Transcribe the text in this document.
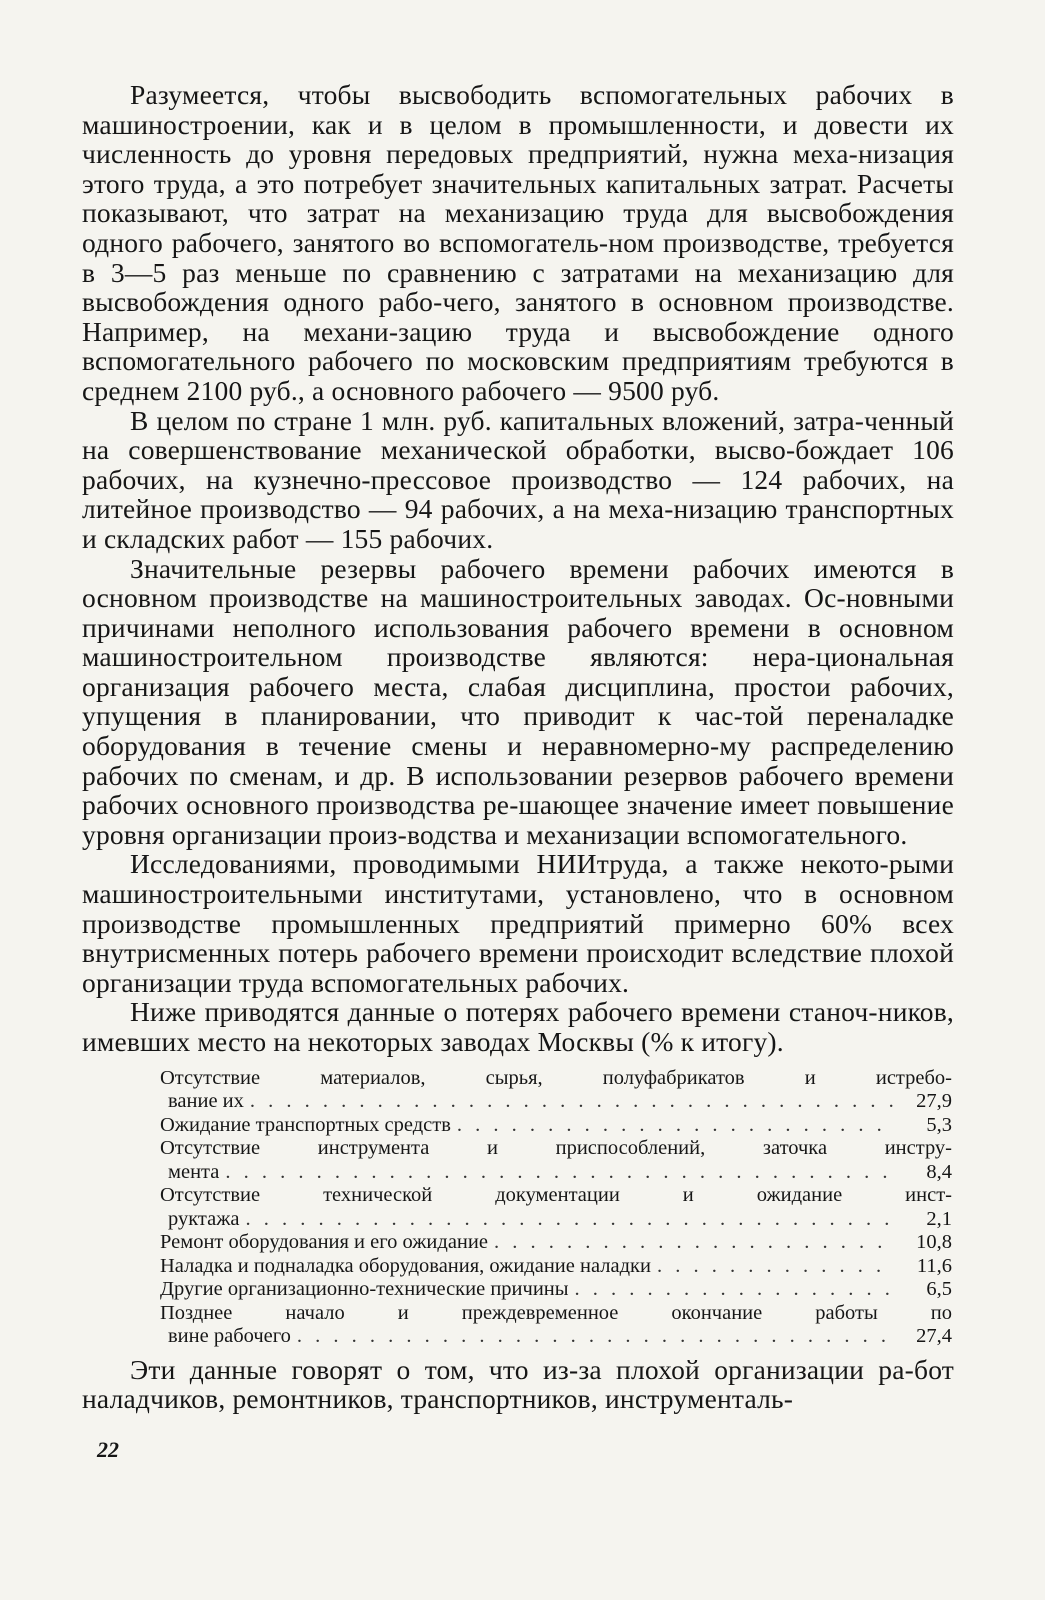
Разумеется, чтобы высвободить вспомогательных рабочих в машиностроении, как и в целом в промышленности, и довести их численность до уровня передовых предприятий, нужна меха-низация этого труда, а это потребует значительных капитальных затрат. Расчеты показывают, что затрат на механизацию труда для высвобождения одного рабочего, занятого во вспомогатель-ном производстве, требуется в 3—5 раз меньше по сравнению с затратами на механизацию для высвобождения одного рабо-чего, занятого в основном производстве. Например, на механи-зацию труда и высвобождение одного вспомогательного рабочего по московским предприятиям требуются в среднем 2100 руб., а основного рабочего — 9500 руб.

В целом по стране 1 млн. руб. капитальных вложений, затра-ченный на совершенствование механической обработки, высво-бождает 106 рабочих, на кузнечно-прессовое производство — 124 рабочих, на литейное производство — 94 рабочих, а на меха-низацию транспортных и складских работ — 155 рабочих.

Значительные резервы рабочего времени рабочих имеются в основном производстве на машиностроительных заводах. Ос-новными причинами неполного использования рабочего времени в основном машиностроительном производстве являются: нера-циональная организация рабочего места, слабая дисциплина, простои рабочих, упущения в планировании, что приводит к час-той переналадке оборудования в течение смены и неравномерно-му распределению рабочих по сменам, и др. В использовании резервов рабочего времени рабочих основного производства ре-шающее значение имеет повышение уровня организации произ-водства и механизации вспомогательного.

Исследованиями, проводимыми НИИтруда, а также некото-рыми машиностроительными институтами, установлено, что в основном производстве промышленных предприятий примерно 60% всех внутрисменных потерь рабочего времени происходит вследствие плохой организации труда вспомогательных рабочих.

Ниже приводятся данные о потерях рабочего времени станоч-ников, имевших место на некоторых заводах Москвы (% к итогу).

Отсутствие материалов, сырья, полуфабрикатов и истребо-
вание их . . .	27,9
Ожидание транспортных средств . . .	5,3
Отсутствие инструмента и приспособлений, заточка инстру-
мента . . .	8,4
Отсутствие технической документации и ожидание инст-
руктажа . . .	2,1
Ремонт оборудования и его ожидание . . .	10,8
Наладка и подналадка оборудования, ожидание наладки . . .	11,6
Другие организационно-технические причины . . .	6,5
Позднее начало и преждевременное окончание работы по
вине рабочего . . .	27,4

Эти данные говорят о том, что из-за плохой организации ра-бот наладчиков, ремонтников, транспортников, инструменталь-

22
